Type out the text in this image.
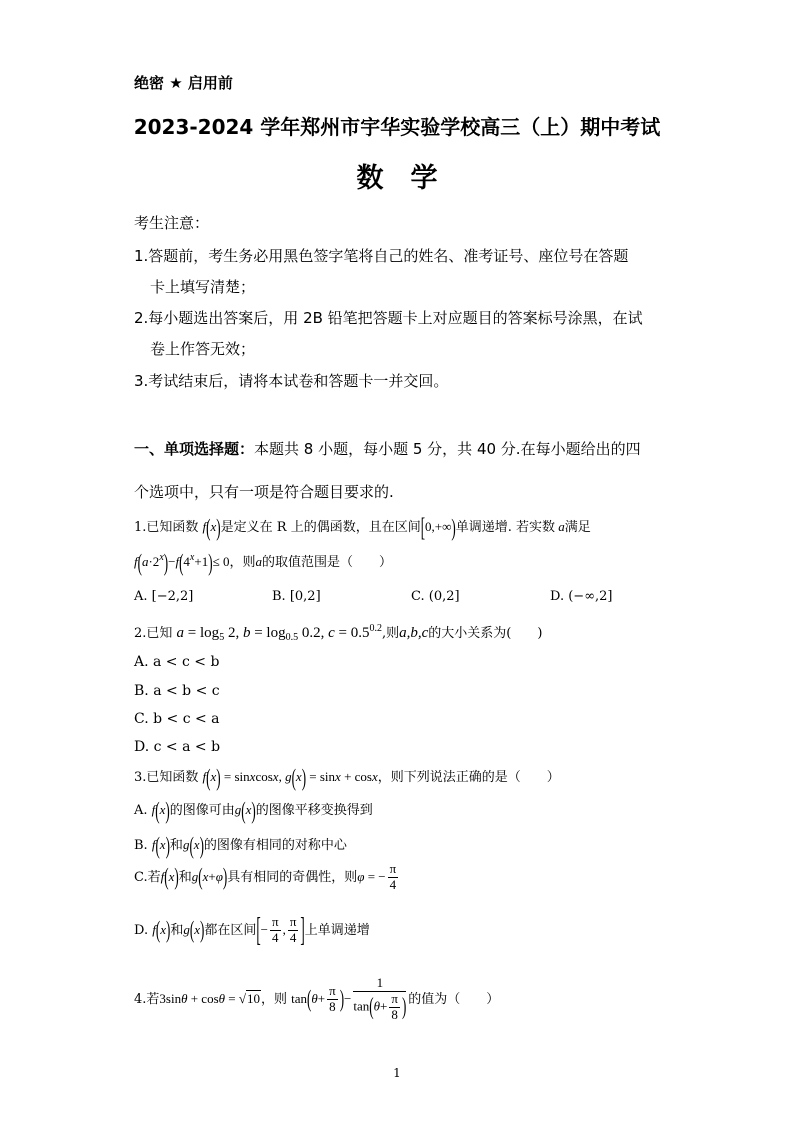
绝密 ★ 启用前
2023-2024 学年郑州市宇华实验学校高三（上）期中考试
数　学
考生注意：
1.答题前，考生务必用黑色签字笔将自己的姓名、准考证号、座位号在答题
卡上填写清楚；
2.每小题选出答案后，用 2B 铅笔把答题卡上对应题目的答案标号涂黑，在试
卷上作答无效；
3.考试结束后，请将本试卷和答题卡一并交回。
一、单项选择题：本题共 8 小题，每小题 5 分，共 40 分.在每小题给出的四
个选项中，只有一项是符合题目要求的.
1.已知函数 f(x)是定义在 R 上的偶函数，且在区间[0,+∞)单调递增. 若实数 a满足
$f(a\cdot 2^x)-f(4^x+1)\le 0$，则a的取值范围是（　　）
A. [−2,2]	B. [0,2]	C. (0,2]	D. (−∞,2]
2.已知 $a = \log_5 2$, $b = \log_{0.5} 0.2$, $c = 0.5^{0.2}$,则a,b,c的大小关系为(　　)
A. a < c < b
B. a < b < c
C. b < c < a
D. c < a < b
3.已知函数 f(x) = sinxcosx, g(x) = sinx + cosx，则下列说法正确的是（　　）
A. f(x)的图像可由g(x)的图像平移变换得到
B. f(x)和g(x)的图像有相同的对称中心
C.若f(x)和g(x+φ)具有相同的奇偶性，则φ = − $\frac{\pi}{4}$
D. f(x)和g(x)都在区间[− $\frac{\pi}{4}$ , $\frac{\pi}{4}$ ]上单调递增
4.若3sinθ + cosθ = √10，则 $\tan(\theta+ \frac{\pi}{8}$ )− $\frac{1}{\tan(\theta+ \frac{\pi}{8} )}$ 的值为（　　）
1
